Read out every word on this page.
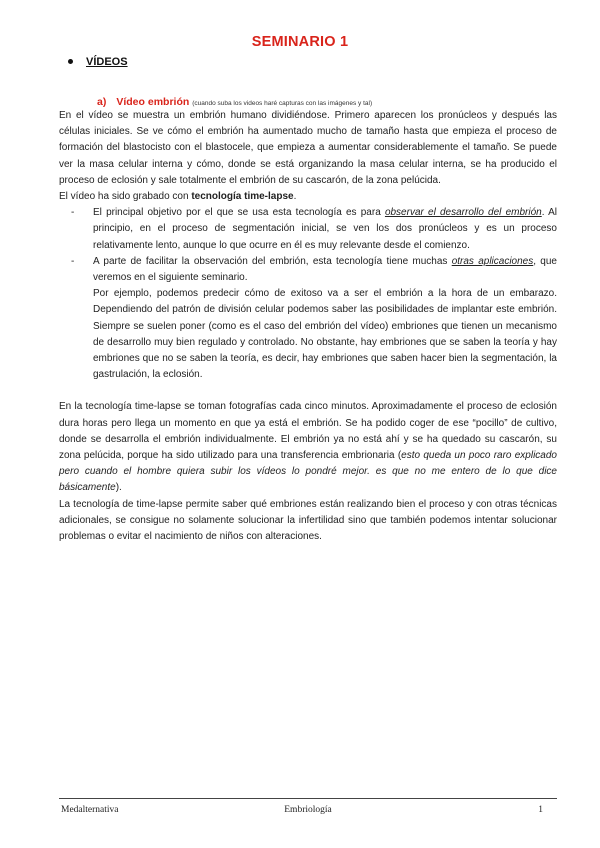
SEMINARIO 1
VÍDEOS
a) Vídeo embrión (cuando suba los videos haré capturas con las imágenes y tal)

En el vídeo se muestra un embrión humano dividiéndose. Primero aparecen los pronúcleos y después las células iniciales. Se ve cómo el embrión ha aumentado mucho de tamaño hasta que empieza el proceso de formación del blastocisto con el blastocele, que empieza a aumentar considerablemente el tamaño. Se puede ver la masa celular interna y cómo, donde se está organizando la masa celular interna, se ha producido el proceso de eclosión y sale totalmente el embrión de su cascarón, de la zona pelúcida.

El vídeo ha sido grabado con tecnología time-lapse.

- El principal objetivo por el que se usa esta tecnología es para observar el desarrollo del embrión. Al principio, en el proceso de segmentación inicial, se ven los dos pronúcleos y es un proceso relativamente lento, aunque lo que ocurre en él es muy relevante desde el comienzo.
- A parte de facilitar la observación del embrión, esta tecnología tiene muchas otras aplicaciones, que veremos en el siguiente seminario.
Por ejemplo, podemos predecir cómo de exitoso va a ser el embrión a la hora de un embarazo. Dependiendo del patrón de división celular podemos saber las posibilidades de implantar este embrión. Siempre se suelen poner (como es el caso del embrión del vídeo) embriones que tienen un mecanismo de desarrollo muy bien regulado y controlado. No obstante, hay embriones que se saben la teoría y hay embriones que no se saben la teoría, es decir, hay embriones que saben hacer bien la segmentación, la gastrulación, la eclosión.

En la tecnología time-lapse se toman fotografías cada cinco minutos. Aproximadamente el proceso de eclosión dura horas pero llega un momento en que ya está el embrión. Se ha podido coger de ese “pocillo” de cultivo, donde se desarrolla el embrión individualmente. El embrión ya no está ahí y se ha quedado su cascarón, su zona pelúcida, porque ha sido utilizado para una transferencia embrionaria (esto queda un poco raro explicado pero cuando el hombre quiera subir los vídeos lo pondré mejor. es que no me entero de lo que dice básicamente).

La tecnología de time-lapse permite saber qué embriones están realizando bien el proceso y con otras técnicas adicionales, se consigue no solamente solucionar la infertilidad sino que también podemos intentar solucionar problemas o evitar el nacimiento de niños con alteraciones.

Medalternativa	Embriología	1
